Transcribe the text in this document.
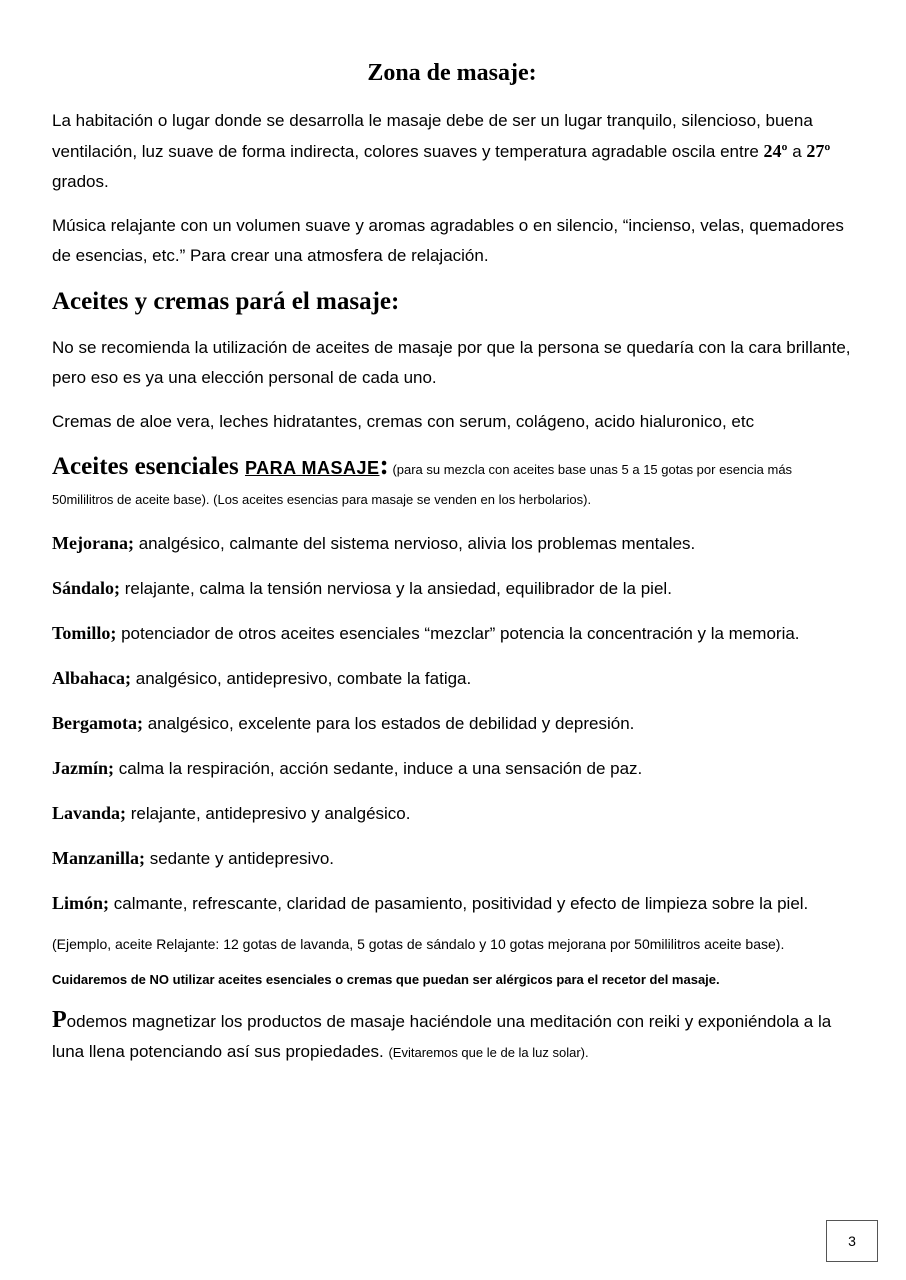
Zona de masaje:

La habitación o lugar donde se desarrolla le masaje debe de ser un lugar tranquilo, silencioso, buena ventilación, luz suave de forma indirecta, colores suaves y temperatura agradable oscila entre 24º a 27º grados.

Música relajante con un volumen suave y aromas agradables o en silencio, “incienso, velas, quemadores de esencias, etc.” Para crear una atmosfera de relajación.

Aceites y cremas pará el masaje:

No se recomienda la utilización de aceites de masaje por que la persona se quedaría con la cara brillante, pero eso es ya una elección personal de cada uno.

Cremas de aloe vera, leches hidratantes, cremas con serum, colágeno, acido hialuronico, etc

Aceites esenciales PARA MASAJE: (para su mezcla con aceites base unas 5 a 15 gotas por esencia más 50mililitros de aceite base). (Los aceites esencias para masaje se venden en los herbolarios).

Mejorana; analgésico, calmante del sistema nervioso, alivia los problemas mentales.

Sándalo; relajante, calma la tensión nerviosa y la ansiedad, equilibrador de la piel.

Tomillo; potenciador de otros aceites esenciales “mezclar” potencia la concentración y la memoria.

Albahaca; analgésico, antidepresivo, combate la fatiga.

Bergamota; analgésico, excelente para los estados de debilidad y depresión.

Jazmín; calma la respiración, acción sedante, induce a una sensación de paz.

Lavanda; relajante, antidepresivo y analgésico.

Manzanilla; sedante y antidepresivo.

Limón; calmante, refrescante, claridad de pasamiento, positividad y efecto de limpieza sobre la piel.

(Ejemplo, aceite Relajante: 12 gotas de lavanda, 5 gotas de sándalo y 10 gotas mejorana por 50mililitros aceite base).

Cuidaremos de NO utilizar aceites esenciales o cremas que puedan ser alérgicos para el recetor del masaje.

Podemos magnetizar los productos de masaje haciéndole una meditación con reiki y exponiéndola a la luna llena potenciando así sus propiedades. (Evitaremos que le de la luz solar).

3
